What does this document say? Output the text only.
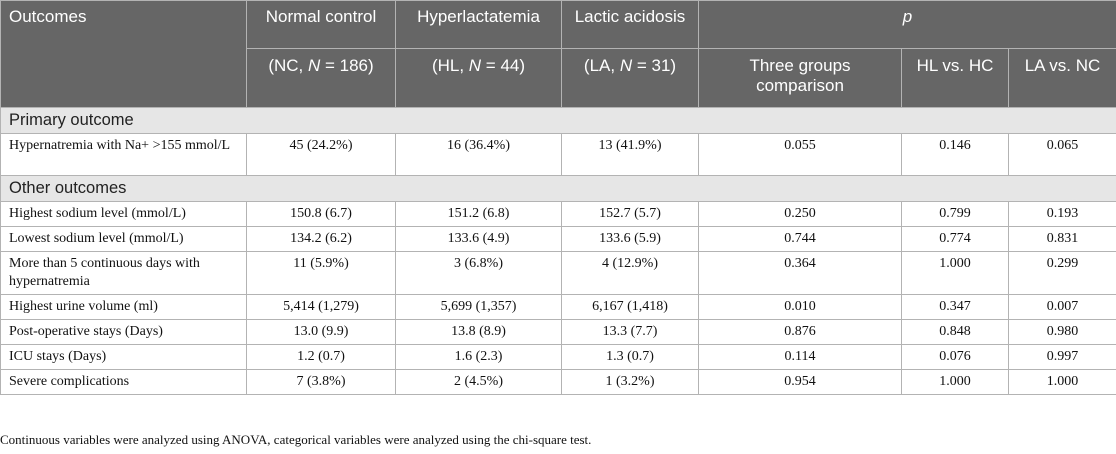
Outcomes	Normal control	Hyperlactatemia	Lactic acidosis	p		
	(NC, N = 186)	(HL, N = 44)	(LA, N = 31)	Three groups comparison	HL vs. HC	LA vs. NC
Primary outcome						
Hypernatremia with Na+ >155 mmol/L	45 (24.2%)	16 (36.4%)	13 (41.9%)	0.055	0.146	0.065
Other outcomes						
Highest sodium level (mmol/L)	150.8 (6.7)	151.2 (6.8)	152.7 (5.7)	0.250	0.799	0.193
Lowest sodium level (mmol/L)	134.2 (6.2)	133.6 (4.9)	133.6 (5.9)	0.744	0.774	0.831
More than 5 continuous days with hypernatremia	11 (5.9%)	3 (6.8%)	4 (12.9%)	0.364	1.000	0.299
Highest urine volume (ml)	5,414 (1,279)	5,699 (1,357)	6,167 (1,418)	0.010	0.347	0.007
Post-operative stays (Days)	13.0 (9.9)	13.8 (8.9)	13.3 (7.7)	0.876	0.848	0.980
ICU stays (Days)	1.2 (0.7)	1.6 (2.3)	1.3 (0.7)	0.114	0.076	0.997
Severe complications	7 (3.8%)	2 (4.5%)	1 (3.2%)	0.954	1.000	1.000
Continuous variables were analyzed using ANOVA, categorical variables were analyzed using the chi-square test.
